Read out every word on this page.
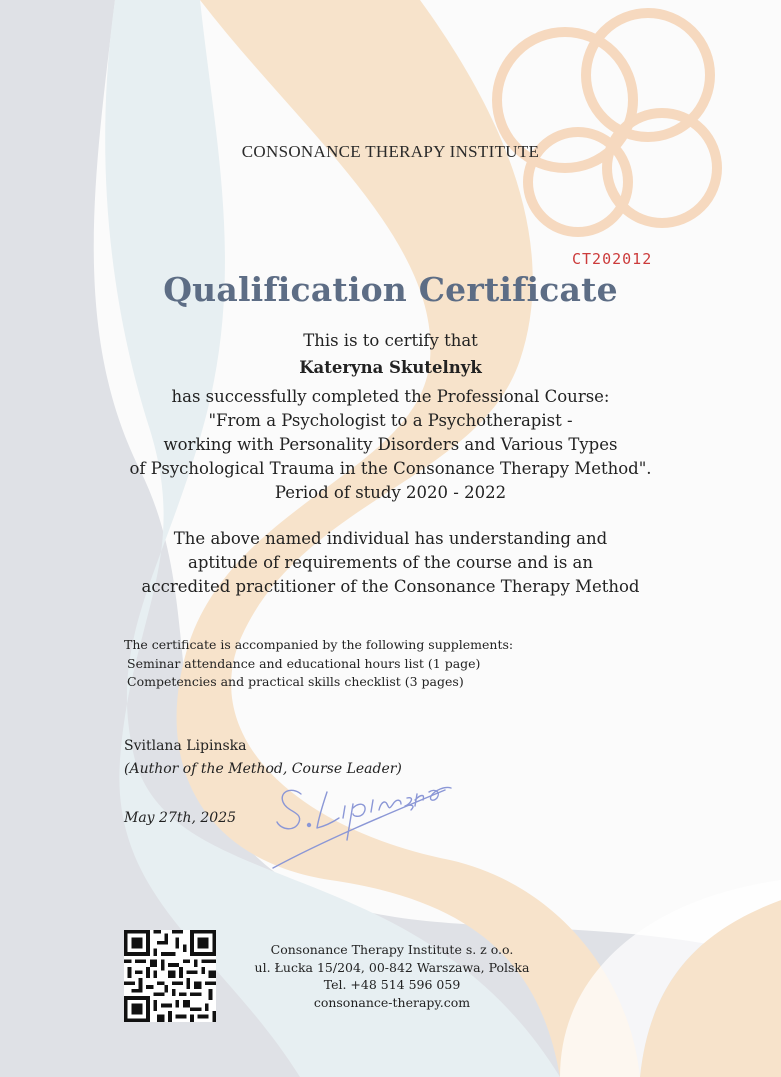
CONSONANCE THERAPY INSTITUTE
CT202012
Qualification Certificate
This is to certify that
Kateryna Skutelnyk
has successfully completed the Professional Course:
"From a Psychologist to a Psychotherapist -
working with Personality Disorders and Various Types
of Psychological Trauma in the Consonance Therapy Method".
Period of study 2020 - 2022
The above named individual has understanding and
aptitude of requirements of the course and is an
accredited practitioner of the Consonance Therapy Method
The certificate is accompanied by the following supplements:
Seminar attendance and educational hours list (1 page)
Competencies and practical skills checklist (3 pages)
Svitlana Lipinska
(Author of the Method, Course Leader)
May 27th, 2025
Consonance Therapy Institute s. z o.o.
ul. Łucka 15/204, 00-842 Warszawa, Polska
Tel. +48 514 596 059
consonance-therapy.com
